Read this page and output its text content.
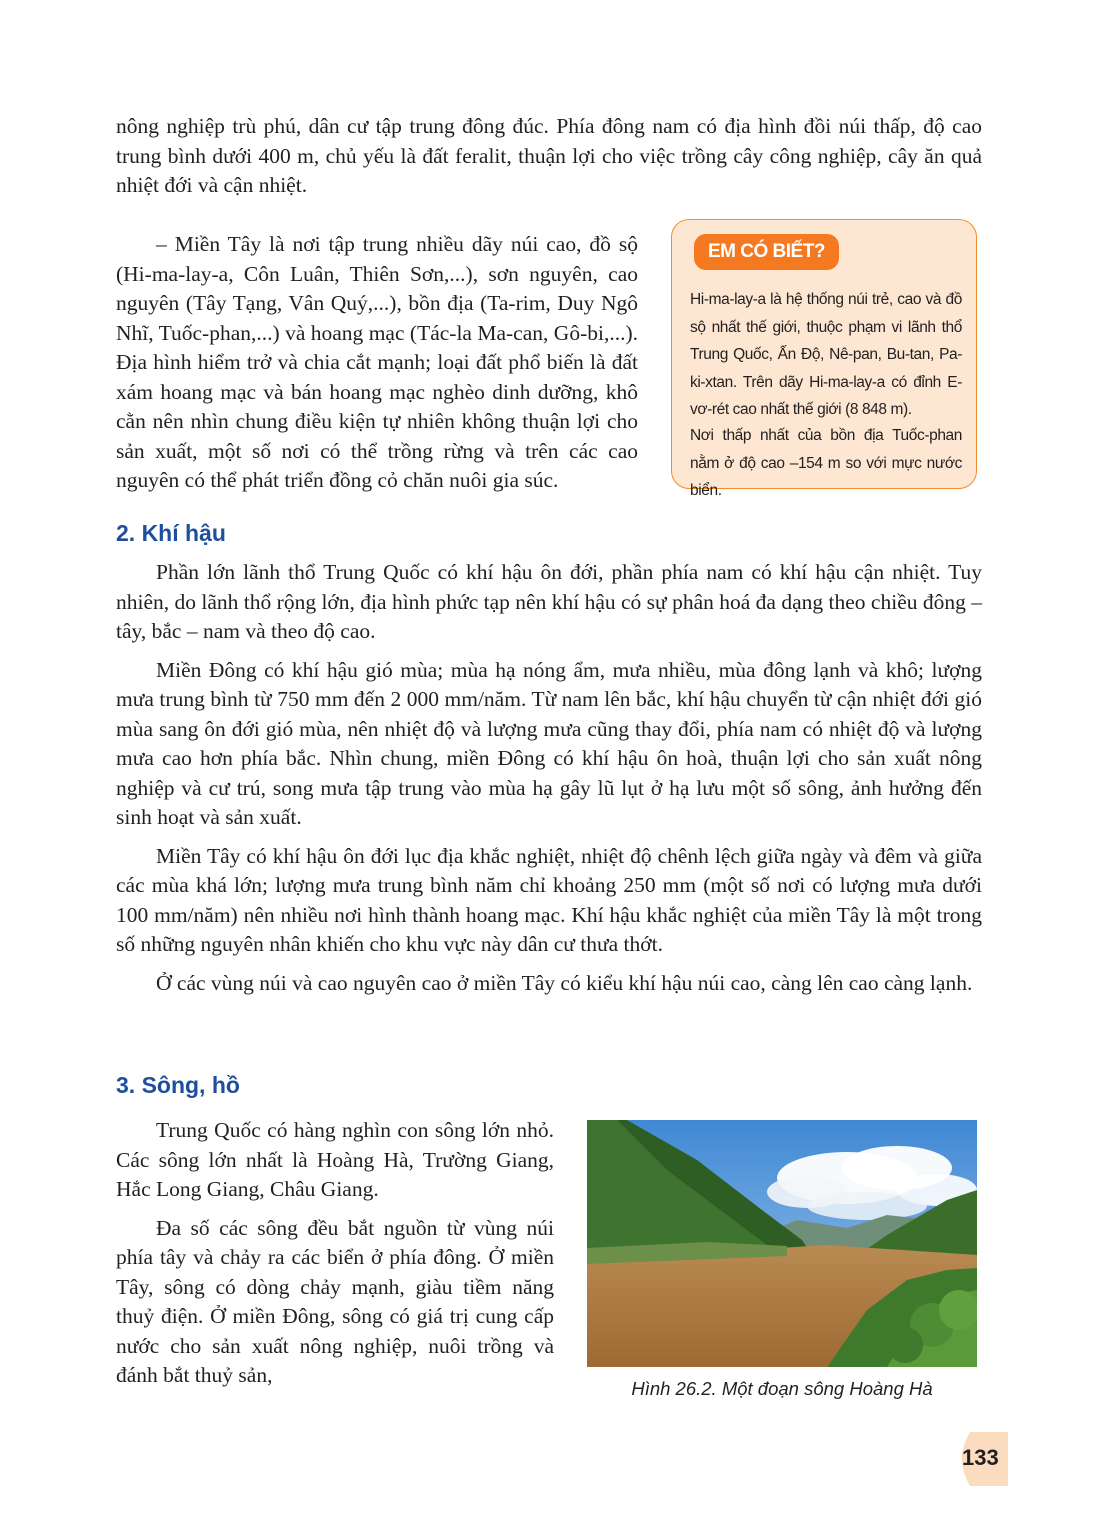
nông nghiệp trù phú, dân cư tập trung đông đúc. Phía đông nam có địa hình đồi núi thấp, độ cao trung bình dưới 400 m, chủ yếu là đất feralit, thuận lợi cho việc trồng cây công nghiệp, cây ăn quả nhiệt đới và cận nhiệt.

– Miền Tây là nơi tập trung nhiều dãy núi cao, đồ sộ (Hi-ma-lay-a, Côn Luân, Thiên Sơn,...), sơn nguyên, cao nguyên (Tây Tạng, Vân Quý,...), bồn địa (Ta-rim, Duy Ngô Nhĩ, Tuốc-phan,...) và hoang mạc (Tác-la Ma-can, Gô-bi,...). Địa hình hiểm trở và chia cắt mạnh; loại đất phổ biến là đất xám hoang mạc và bán hoang mạc nghèo dinh dưỡng, khô cằn nên nhìn chung điều kiện tự nhiên không thuận lợi cho sản xuất, một số nơi có thể trồng rừng và trên các cao nguyên có thể phát triển đồng cỏ chăn nuôi gia súc.

EM CÓ BIẾT?
Hi-ma-lay-a là hệ thống núi trẻ, cao và đồ sộ nhất thế giới, thuộc phạm vi lãnh thổ Trung Quốc, Ấn Độ, Nê-pan, Bu-tan, Pa-ki-xtan. Trên dãy Hi-ma-lay-a có đỉnh E-vơ-rét cao nhất thế giới (8 848 m).
Nơi thấp nhất của bồn địa Tuốc-phan nằm ở độ cao –154 m so với mực nước biển.
2. Khí hậu

Phần lớn lãnh thổ Trung Quốc có khí hậu ôn đới, phần phía nam có khí hậu cận nhiệt. Tuy nhiên, do lãnh thổ rộng lớn, địa hình phức tạp nên khí hậu có sự phân hoá đa dạng theo chiều đông – tây, bắc – nam và theo độ cao.

Miền Đông có khí hậu gió mùa; mùa hạ nóng ẩm, mưa nhiều, mùa đông lạnh và khô; lượng mưa trung bình từ 750 mm đến 2 000 mm/năm. Từ nam lên bắc, khí hậu chuyển từ cận nhiệt đới gió mùa sang ôn đới gió mùa, nên nhiệt độ và lượng mưa cũng thay đổi, phía nam có nhiệt độ và lượng mưa cao hơn phía bắc. Nhìn chung, miền Đông có khí hậu ôn hoà, thuận lợi cho sản xuất nông nghiệp và cư trú, song mưa tập trung vào mùa hạ gây lũ lụt ở hạ lưu một số sông, ảnh hưởng đến sinh hoạt và sản xuất.

Miền Tây có khí hậu ôn đới lục địa khắc nghiệt, nhiệt độ chênh lệch giữa ngày và đêm và giữa các mùa khá lớn; lượng mưa trung bình năm chỉ khoảng 250 mm (một số nơi có lượng mưa dưới 100 mm/năm) nên nhiều nơi hình thành hoang mạc. Khí hậu khắc nghiệt của miền Tây là một trong số những nguyên nhân khiến cho khu vực này dân cư thưa thớt.

Ở các vùng núi và cao nguyên cao ở miền Tây có kiểu khí hậu núi cao, càng lên cao càng lạnh.

3. Sông, hồ

Trung Quốc có hàng nghìn con sông lớn nhỏ. Các sông lớn nhất là Hoàng Hà, Trường Giang, Hắc Long Giang, Châu Giang.

Đa số các sông đều bắt nguồn từ vùng núi phía tây và chảy ra các biển ở phía đông. Ở miền Tây, sông có dòng chảy mạnh, giàu tiềm năng thuỷ điện. Ở miền Đông, sông có giá trị cung cấp nước cho sản xuất nông nghiệp, nuôi trồng và đánh bắt thuỷ sản,

Hình 26.2. Một đoạn sông Hoàng Hà
133
